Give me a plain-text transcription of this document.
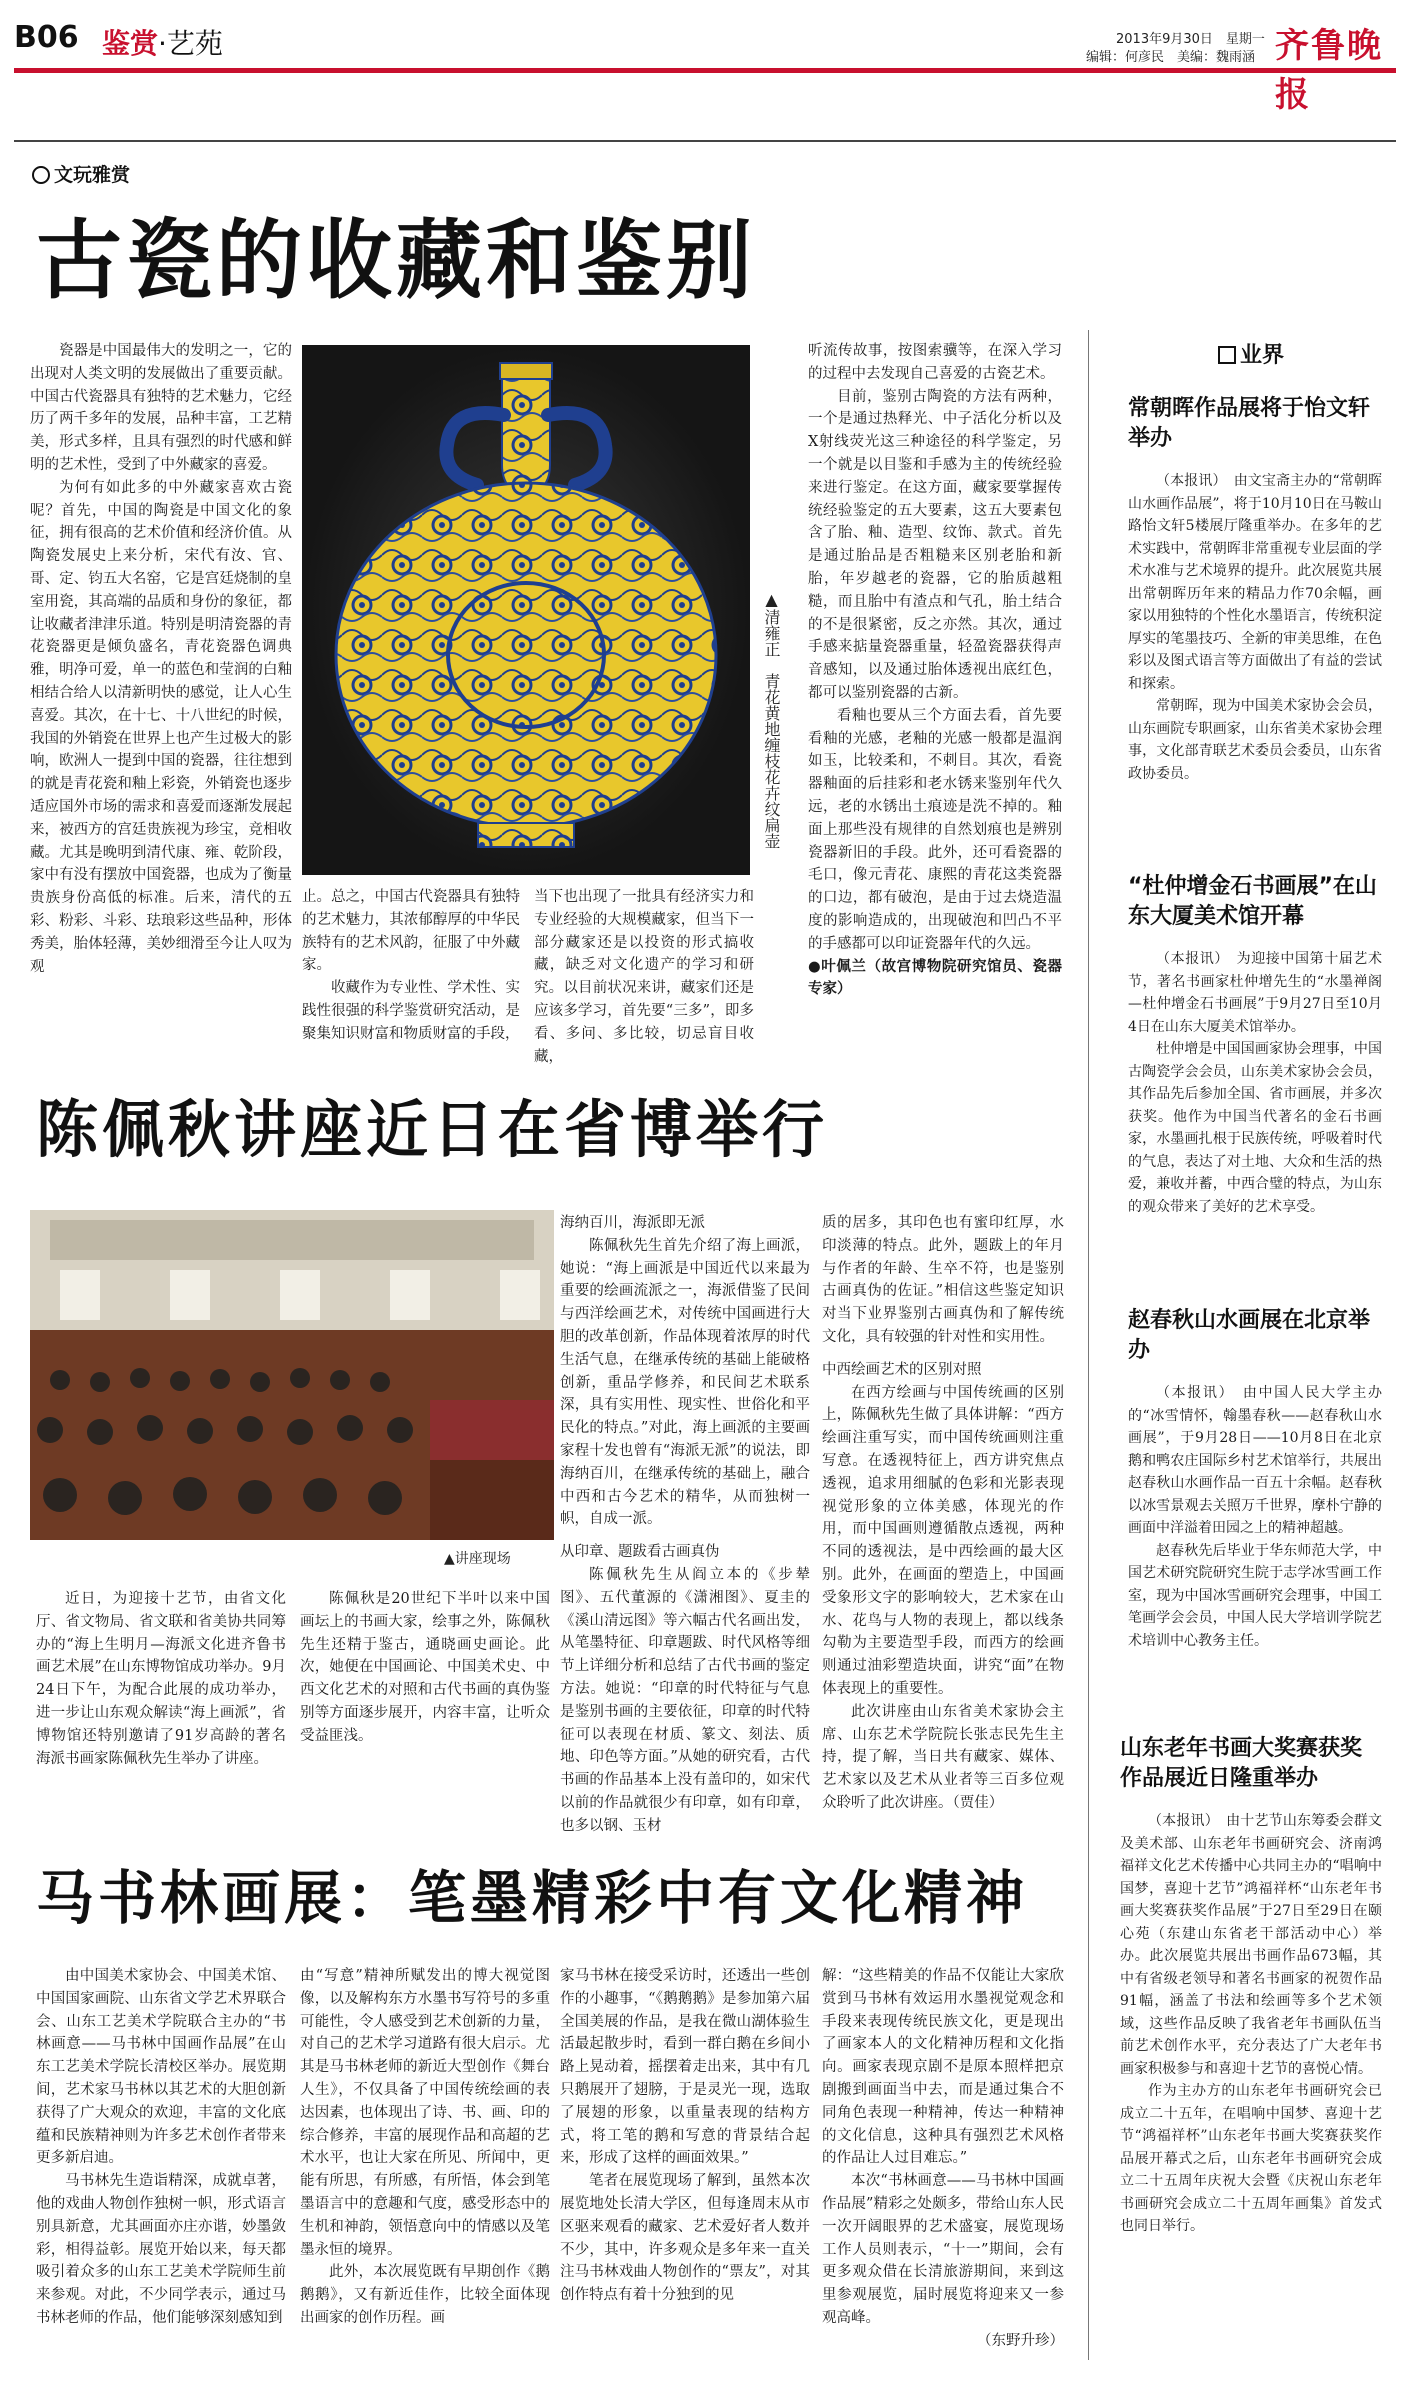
B06 鉴赏·艺苑	2013年9月30日　星期一
编辑：何彦民　美编：魏雨涵 齐鲁晚报
文玩雅赏
古瓷的收藏和鉴别

瓷器是中国最伟大的发明之一，它的出现对人类文明的发展做出了重要贡献。中国古代瓷器具有独特的艺术魅力，它经历了两千多年的发展，品种丰富，工艺精美，形式多样，且具有强烈的时代感和鲜明的艺术性，受到了中外藏家的喜爱。

为何有如此多的中外藏家喜欢古瓷呢？首先，中国的陶瓷是中国文化的象征，拥有很高的艺术价值和经济价值。从陶瓷发展史上来分析，宋代有汝、官、哥、定、钧五大名窑，它是宫廷烧制的皇室用瓷，其高端的品质和身份的象征，都让收藏者津津乐道。特别是明清瓷器的青花瓷器更是倾负盛名，青花瓷器色调典雅，明净可爱，单一的蓝色和莹润的白釉相结合给人以清新明快的感觉，让人心生喜爱。其次，在十七、十八世纪的时候，我国的外销瓷在世界上也产生过极大的影响，欧洲人一提到中国的瓷器，往往想到的就是青花瓷和釉上彩瓷，外销瓷也逐步适应国外市场的需求和喜爱而逐渐发展起来，被西方的宫廷贵族视为珍宝，竞相收藏。尤其是晚明到清代康、雍、乾阶段，家中有没有摆放中国瓷器，也成为了衡量贵族身份高低的标准。后来，清代的五彩、粉彩、斗彩、珐琅彩这些品种，形体秀美，胎体轻薄，美妙细滑至今让人叹为观

▲清雍正　青花黄地缠枝花卉纹扁壶

止。总之，中国古代瓷器具有独特的艺术魅力，其浓郁醇厚的中华民族特有的艺术风韵，征服了中外藏家。

收藏作为专业性、学术性、实践性很强的科学鉴赏研究活动，是聚集知识财富和物质财富的手段，

当下也出现了一批具有经济实力和专业经验的大规模藏家，但当下一部分藏家还是以投资的形式搞收藏，缺乏对文化遗产的学习和研究。以目前状况来讲，藏家们还是应该多学习，首先要“三多”，即多看、多问、多比较，切忌盲目收藏，

听流传故事，按图索骥等，在深入学习的过程中去发现自己喜爱的古瓷艺术。

目前，鉴别古陶瓷的方法有两种，一个是通过热释光、中子活化分析以及X射线荧光这三种途径的科学鉴定，另一个就是以目鉴和手感为主的传统经验来进行鉴定。在这方面，藏家要掌握传统经验鉴定的五大要素，这五大要素包含了胎、釉、造型、纹饰、款式。首先是通过胎品是否粗糙来区别老胎和新胎，年岁越老的瓷器，它的胎质越粗糙，而且胎中有渣点和气孔，胎土结合的不是很紧密，反之亦然。其次，通过手感来掂量瓷器重量，轻盈瓷器获得声音感知，以及通过胎体透视出底红色，都可以鉴别瓷器的古新。

看釉也要从三个方面去看，首先要看釉的光感，老釉的光感一般都是温润如玉，比较柔和，不刺目。其次，看瓷器釉面的后挂彩和老水锈来鉴别年代久远，老的水锈出土痕迹是洗不掉的。釉面上那些没有规律的自然划痕也是辨别瓷器新旧的手段。此外，还可看瓷器的毛口，像元青花、康熙的青花这类瓷器的口边，都有破泡，是由于过去烧造温度的影响造成的，出现破泡和凹凸不平的手感都可以印证瓷器年代的久远。

●叶佩兰（故宫博物院研究馆员、瓷器专家）

陈佩秋讲座近日在省博举行
▲讲座现场

近日，为迎接十艺节，由省文化厅、省文物局、省文联和省美协共同筹办的“海上生明月—海派文化进齐鲁书画艺术展”在山东博物馆成功举办。9月24日下午，为配合此展的成功举办，进一步让山东观众解读“海上画派”，省博物馆还特别邀请了91岁高龄的著名海派书画家陈佩秋先生举办了讲座。

陈佩秋是20世纪下半叶以来中国画坛上的书画大家，绘事之外，陈佩秋先生还精于鉴古，通晓画史画论。此次，她便在中国画论、中国美术史、中西文化艺术的对照和古代书画的真伪鉴别等方面逐步展开，内容丰富，让听众受益匪浅。

海纳百川，海派即无派

陈佩秋先生首先介绍了海上画派，她说：“海上画派是中国近代以来最为重要的绘画流派之一，海派借鉴了民间与西洋绘画艺术，对传统中国画进行大胆的改革创新，作品体现着浓厚的时代生活气息，在继承传统的基础上能破格创新，重品学修养，和民间艺术联系深，具有实用性、现实性、世俗化和平民化的特点。”对此，海上画派的主要画家程十发也曾有“海派无派”的说法，即海纳百川，在继承传统的基础上，融合中西和古今艺术的精华，从而独树一帜，自成一派。

从印章、题跋看古画真伪

陈佩秋先生从阎立本的《步辇图》、五代董源的《潇湘图》、夏圭的《溪山清远图》等六幅古代名画出发，从笔墨特征、印章题跋、时代风格等细节上详细分析和总结了古代书画的鉴定方法。她说：“印章的时代特征与气息是鉴别书画的主要依征，印章的时代特征可以表现在材质、篆文、刻法、质地、印色等方面。”从她的研究看，古代书画的作品基本上没有盖印的，如宋代以前的作品就很少有印章，如有印章，也多以钢、玉材

质的居多，其印色也有蜜印红厚，水印淡薄的特点。此外，题跋上的年月与作者的年龄、生卒不符，也是鉴别古画真伪的佐证。”相信这些鉴定知识对当下业界鉴别古画真伪和了解传统文化，具有较强的针对性和实用性。

中西绘画艺术的区别对照

在西方绘画与中国传统画的区别上，陈佩秋先生做了具体讲解：“西方绘画注重写实，而中国传统画则注重写意。在透视特征上，西方讲究焦点透视，追求用细腻的色彩和光影表现视觉形象的立体美感，体现光的作用，而中国画则遵循散点透视，两种不同的透视法，是中西绘画的最大区别。此外，在画面的塑造上，中国画受象形文字的影响较大，艺术家在山水、花鸟与人物的表现上，都以线条勾勒为主要造型手段，而西方的绘画则通过油彩塑造块面，讲究“面”在物体表现上的重要性。

此次讲座由山东省美术家协会主席、山东艺术学院院长张志民先生主持，提了解，当日共有藏家、媒体、艺术家以及艺术从业者等三百多位观众聆听了此次讲座。（贾佳）

马书林画展：笔墨精彩中有文化精神

由中国美术家协会、中国美术馆、中国国家画院、山东省文学艺术界联合会、山东工艺美术学院联合主办的“书林画意——马书林中国画作品展”在山东工艺美术学院长清校区举办。展览期间，艺术家马书林以其艺术的大胆创新获得了广大观众的欢迎，丰富的文化底蕴和民族精神则为许多艺术创作者带来更多新启迪。

马书林先生造诣精深，成就卓著，他的戏曲人物创作独树一帜，形式语言别具新意，尤其画面亦庄亦谐，妙墨敛彩，相得益彰。展览开始以来，每天都吸引着众多的山东工艺美术学院师生前来参观。对此，不少同学表示，通过马书林老师的作品，他们能够深刻感知到

由“写意”精神所赋发出的博大视觉图像，以及解构东方水墨书写符号的多重可能性，令人感受到艺术创新的力量，对自己的艺术学习道路有很大启示。尤其是马书林老师的新近大型创作《舞台人生》，不仅具备了中国传统绘画的表达因素，也体现出了诗、书、画、印的综合修养，丰富的展现作品和高超的艺术水平，也让大家在所见、所闻中，更能有所思，有所感，有所悟，体会到笔墨语言中的意趣和气度，感受形态中的生机和神韵，领悟意向中的情感以及笔墨永恒的境界。

此外，本次展览既有早期创作《鹅鹅鹅》，又有新近佳作，比较全面体现出画家的创作历程。画

家马书林在接受采访时，还透出一些创作的小趣事，“《鹅鹅鹅》是参加第六届全国美展的作品，是我在微山湖体验生活最起散步时，看到一群白鹅在乡间小路上晃动着，摇摆着走出来，其中有几只鹅展开了翅膀，于是灵光一现，选取了展翅的形象，以重量表现的结构方式，将工笔的鹅和写意的背景结合起来，形成了这样的画面效果。”

笔者在展览现场了解到，虽然本次展览地处长清大学区，但每逢周末从市区驱来观看的藏家、艺术爱好者人数并不少，其中，许多观众是多年来一直关注马书林戏曲人物创作的“票友”，对其创作特点有着十分独到的见

解：“这些精美的作品不仅能让大家欣赏到马书林有效运用水墨视觉观念和手段来表现传统民族文化，更是现出了画家本人的文化精神历程和文化指向。画家表现京剧不是原本照样把京剧搬到画面当中去，而是通过集合不同角色表现一种精神，传达一种精神的文化信息，这种具有强烈艺术风格的作品让人过目难忘。”

本次“书林画意——马书林中国画作品展”精彩之处颇多，带给山东人民一次开阔眼界的艺术盛宴，展览现场工作人员则表示，“十一”期间，会有更多观众借在长清旅游期间，来到这里参观展览，届时展览将迎来又一参观高峰。

（东野升珍）

业界
常朝晖作品展将于怡文轩举办

（本报讯）　由文宝斋主办的“常朝晖山水画作品展”，将于10月10日在马鞍山路怡文轩5楼展厅隆重举办。在多年的艺术实践中，常朝晖非常重视专业层面的学术水准与艺术境界的提升。此次展览共展出常朝晖历年来的精品力作70余幅，画家以用独特的个性化水墨语言，传统积淀厚实的笔墨技巧、全新的审美思维，在色彩以及图式语言等方面做出了有益的尝试和探索。

常朝晖，现为中国美术家协会会员，山东画院专职画家，山东省美术家协会理事，文化部青联艺术委员会委员，山东省政协委员。

“杜仲增金石书画展”在山东大厦美术馆开幕

（本报讯）　为迎接中国第十届艺术节，著名书画家杜仲增先生的“水墨禅阁—杜仲增金石书画展”于9月27日至10月4日在山东大厦美术馆举办。

杜仲增是中国国画家协会理事，中国古陶瓷学会会员，山东美术家协会会员，其作品先后参加全国、省市画展，并多次获奖。他作为中国当代著名的金石书画家，水墨画扎根于民族传统，呼吸着时代的气息，表达了对土地、大众和生活的热爱，兼收并蓄，中西合璧的特点，为山东的观众带来了美好的艺术享受。

赵春秋山水画展在北京举办

（本报讯）　由中国人民大学主办的“冰雪情怀，翰墨春秋——赵春秋山水画展”，于9月28日——10月8日在北京鹅和鸭农庄国际乡村艺术馆举行，共展出赵春秋山水画作品一百五十余幅。赵春秋以冰雪景观去关照万千世界，摩朴宁静的画面中洋溢着田园之上的精神超越。

赵春秋先后毕业于华东师范大学，中国艺术研究院研究生院于志学冰雪画工作室，现为中国冰雪画研究会理事，中国工笔画学会会员，中国人民大学培训学院艺术培训中心教务主任。

山东老年书画大奖赛获奖作品展近日隆重举办

（本报讯）　由十艺节山东筹委会群文及美术部、山东老年书画研究会、济南鸿福祥文化艺术传播中心共同主办的“唱响中国梦，喜迎十艺节”鸿福祥杯“山东老年书画大奖赛获奖作品展”于27日至29日在颐心苑（东建山东省老干部活动中心）举办。此次展览共展出书画作品673幅，其中有省级老领导和著名书画家的祝贺作品91幅，涵盖了书法和绘画等多个艺术领域，这些作品反映了我省老年书画队伍当前艺术创作水平，充分表达了广大老年书画家积极参与和喜迎十艺节的喜悦心情。

作为主办方的山东老年书画研究会已成立二十五年，在唱响中国梦、喜迎十艺节“鸿福祥杯”山东老年书画大奖赛获奖作品展开幕式之后，山东老年书画研究会成立二十五周年庆祝大会暨《庆祝山东老年书画研究会成立二十五周年画集》首发式也同日举行。
